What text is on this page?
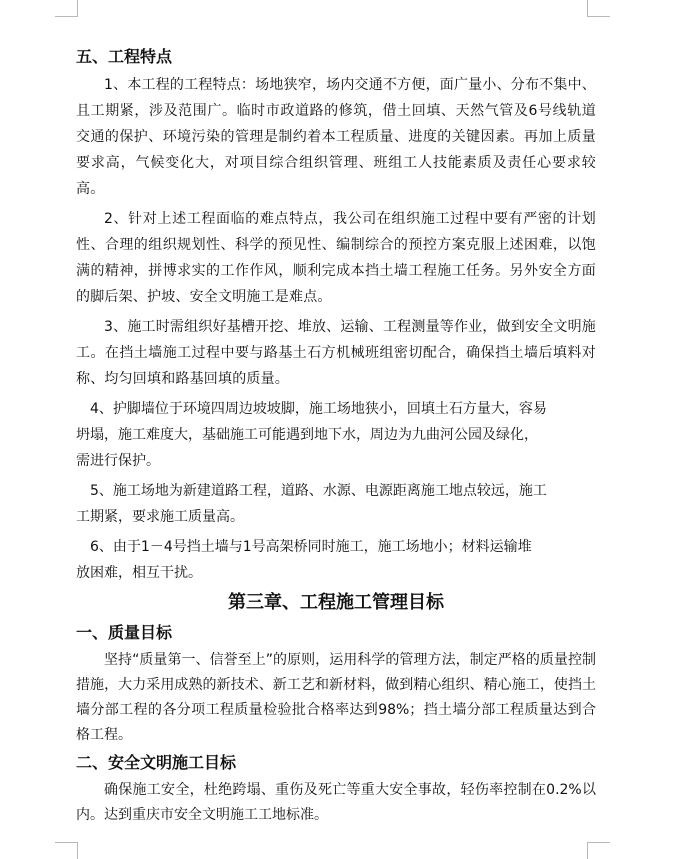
五、工程特点

1、本工程的工程特点：场地狭窄，场内交通不方便，面广量小、分布不集中、且工期紧，涉及范围广。临时市政道路的修筑，借土回填、天然气管及6号线轨道交通的保护、环境污染的管理是制约着本工程质量、进度的关键因素。再加上质量要求高，气候变化大，对项目综合组织管理、班组工人技能素质及责任心要求较高。

2、针对上述工程面临的难点特点，我公司在组织施工过程中要有严密的计划性、合理的组织规划性、科学的预见性、编制综合的预控方案克服上述困难，以饱满的精神，拼博求实的工作作风，顺利完成本挡土墙工程施工任务。另外安全方面的脚后架、护坡、安全文明施工是难点。

3、施工时需组织好基槽开挖、堆放、运输、工程测量等作业，做到安全文明施工。在挡土墙施工过程中要与路基土石方机械班组密切配合，确保挡土墙后填料对称、均匀回填和路基回填的质量。

4、护脚墙位于环境四周边坡坡脚，施工场地狭小，回填土石方量大，容易
坍塌，施工难度大，基础施工可能遇到地下水，周边为九曲河公园及绿化，
需进行保护。
5、施工场地为新建道路工程，道路、水源、电源距离施工地点较远，施工
工期紧，要求施工质量高。
6、由于1－4号挡土墙与1号高架桥同时施工，施工场地小；材料运输堆
放困难，相互干扰。
第三章、工程施工管理目标
一、质量目标

坚持“质量第一、信誉至上”的原则，运用科学的管理方法，制定严格的质量控制措施，大力采用成熟的新技术、新工艺和新材料，做到精心组织、精心施工，使挡土墙分部工程的各分项工程质量检验批合格率达到98%；挡土墙分部工程质量达到合格工程。

二、安全文明施工目标

确保施工安全，杜绝跨塌、重伤及死亡等重大安全事故，轻伤率控制在0.2%以内。达到重庆市安全文明施工工地标准。
